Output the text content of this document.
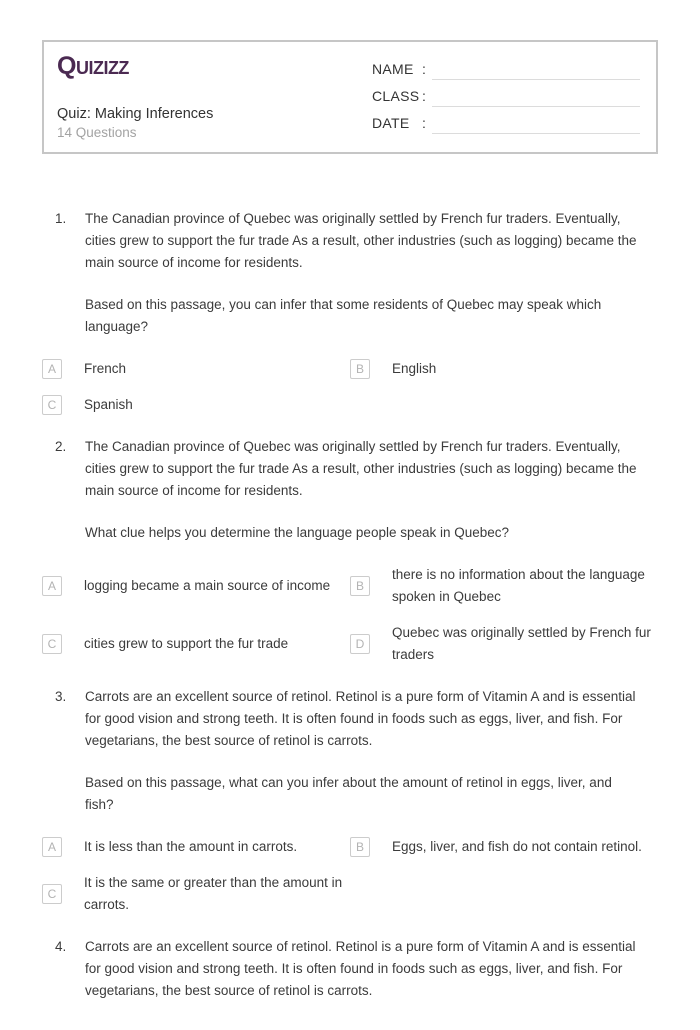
Quizizz
Quiz: Making Inferences
14 Questions
NAME :
CLASS :
DATE :
1.	The Canadian province of Quebec was originally settled by French fur traders. Eventually, cities grew to support the fur trade As a result, other industries (such as logging) became the main source of income for residents.
Based on this passage, you can infer that some residents of Quebec may speak which language?
A	French	B	English
C	Spanish
2.	The Canadian province of Quebec was originally settled by French fur traders. Eventually, cities grew to support the fur trade As a result, other industries (such as logging) became the main source of income for residents.
What clue helps you determine the language people speak in Quebec?
A	logging became a main source of income	B
there is no information about the language spoken in Quebec
C	cities grew to support the fur trade	D
Quebec was originally settled by French fur traders
3.	Carrots are an excellent source of retinol. Retinol is a pure form of Vitamin A and is essential for good vision and strong teeth. It is often found in foods such as eggs, liver, and fish. For vegetarians, the best source of retinol is carrots.
Based on this passage, what can you infer about the amount of retinol in eggs, liver, and fish?
A	It is less than the amount in carrots.	B	Eggs, liver, and fish do not contain retinol.
C
It is the same or greater than the amount in carrots.
4.	Carrots are an excellent source of retinol. Retinol is a pure form of Vitamin A and is essential for good vision and strong teeth. It is often found in foods such as eggs, liver, and fish. For vegetarians, the best source of retinol is carrots.
